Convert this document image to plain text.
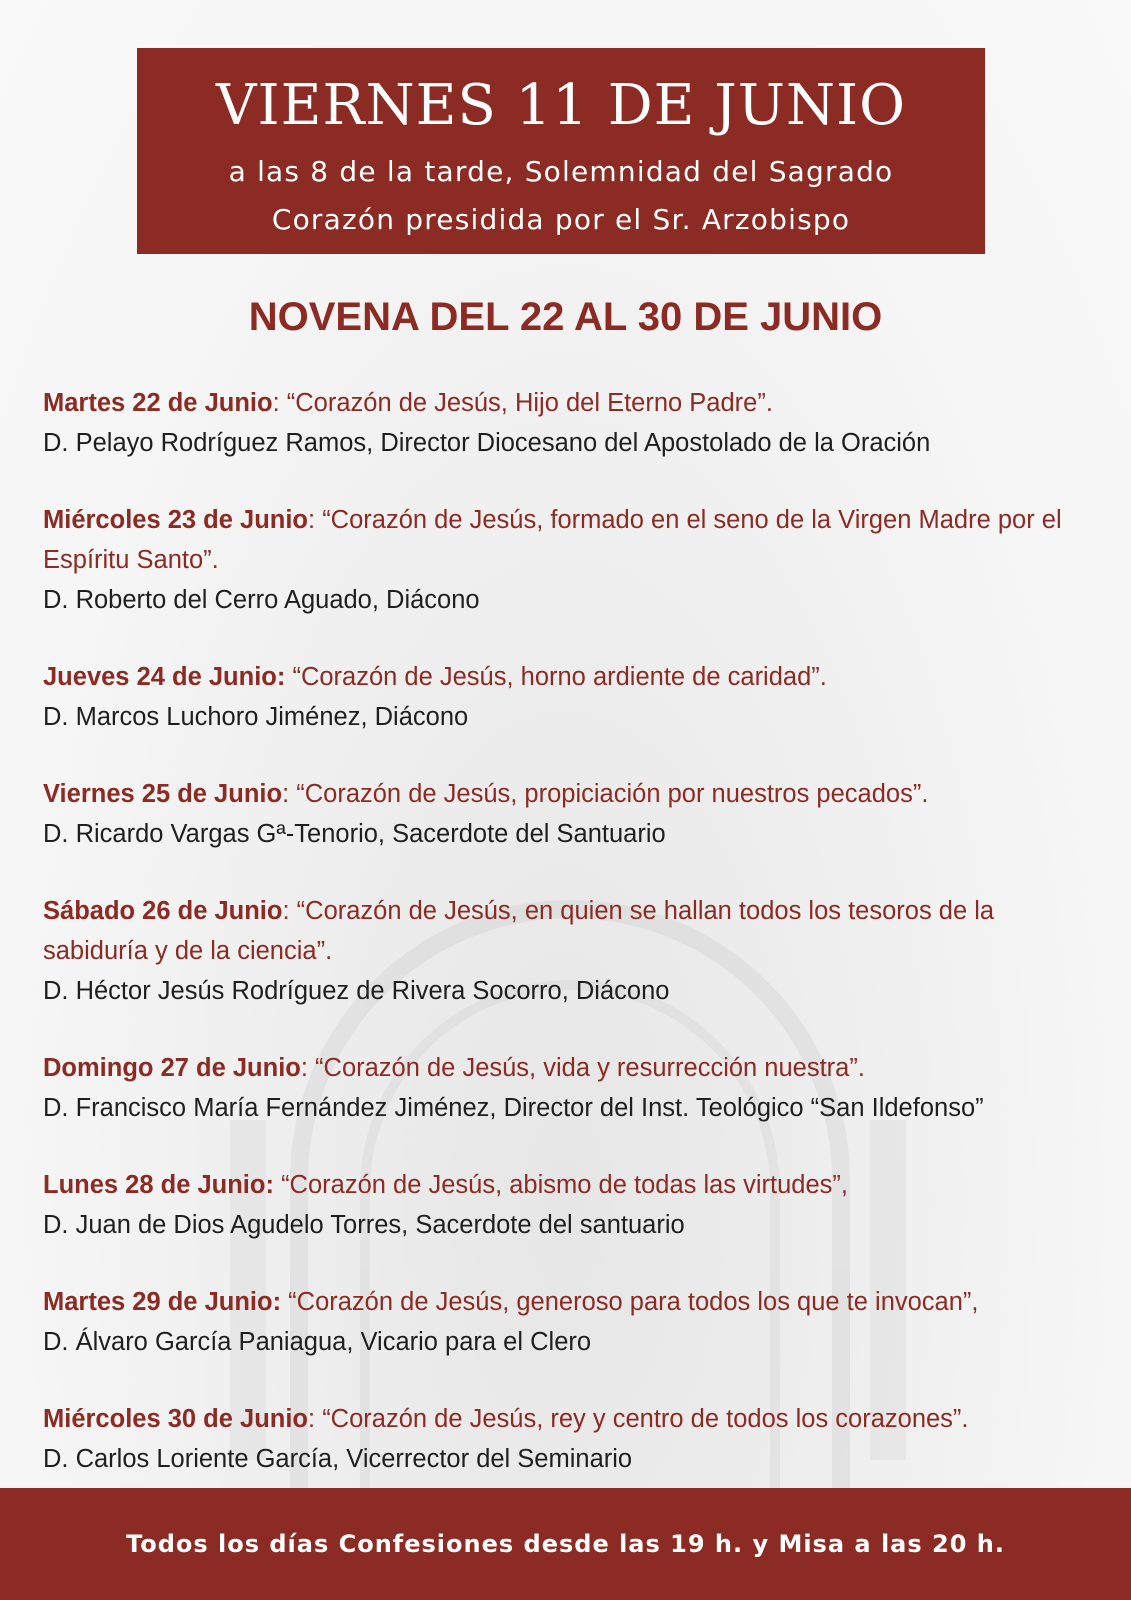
VIERNES 11 DE JUNIO
a las 8 de la tarde, Solemnidad del Sagrado
Corazón presidida por el Sr. Arzobispo
NOVENA DEL 22 AL 30 DE JUNIO

Martes 22 de Junio: “Corazón de Jesús, Hijo del Eterno Padre”.

D. Pelayo Rodríguez Ramos, Director Diocesano del Apostolado de la Oración

Miércoles 23 de Junio: “Corazón de Jesús, formado en el seno de la Virgen Madre por el Espíritu Santo”.

D. Roberto del Cerro Aguado, Diácono

Jueves 24 de Junio: “Corazón de Jesús, horno ardiente de caridad”.

D. Marcos Luchoro Jiménez, Diácono

Viernes 25 de Junio: “Corazón de Jesús, propiciación por nuestros pecados”.

D. Ricardo Vargas Gª-Tenorio, Sacerdote del Santuario

Sábado 26 de Junio: “Corazón de Jesús, en quien se hallan todos los tesoros de la sabiduría y de la ciencia”.

D. Héctor Jesús Rodríguez de Rivera Socorro, Diácono

Domingo 27 de Junio: “Corazón de Jesús, vida y resurrección nuestra”.

D. Francisco María Fernández Jiménez, Director del Inst. Teológico “San Ildefonso”

Lunes 28 de Junio: “Corazón de Jesús, abismo de todas las virtudes”,

D. Juan de Dios Agudelo Torres, Sacerdote del santuario

Martes 29 de Junio: “Corazón de Jesús, generoso para todos los que te invocan”,

D. Álvaro García Paniagua, Vicario para el Clero

Miércoles 30 de Junio: “Corazón de Jesús, rey y centro de todos los corazones”.

D. Carlos Loriente García, Vicerrector del Seminario

Todos los días Confesiones desde las 19 h. y Misa a las 20 h.
